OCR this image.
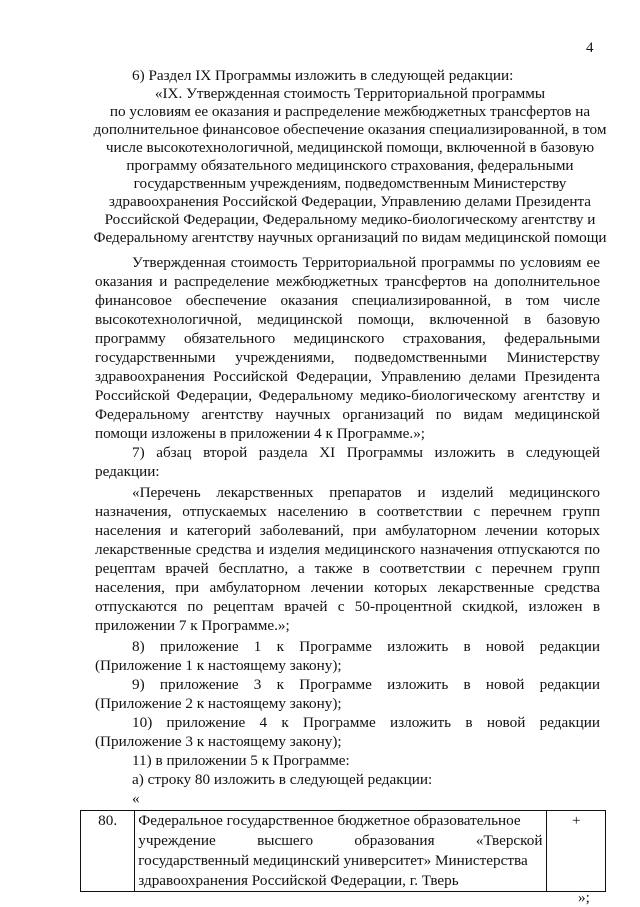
4
6) Раздел IX Программы изложить в следующей редакции:
«IX. Утвержденная стоимость Территориальной программы
по условиям ее оказания и распределение межбюджетных трансфертов на
дополнительное финансовое обеспечение оказания специализированной, в том
числе высокотехнологичной, медицинской помощи, включенной в базовую
программу обязательного медицинского страхования, федеральными
государственным учреждениям, подведомственным Министерству
здравоохранения Российской Федерации, Управлению делами Президента
Российской Федерации, Федеральному медико-биологическому агентству и
Федеральному агентству научных организаций по видам медицинской помощи
Утвержденная стоимость Территориальной программы по условиям ее
оказания и распределение межбюджетных трансфертов на дополнительное
финансовое обеспечение оказания специализированной, в том числе
высокотехнологичной, медицинской помощи, включенной в базовую
программу обязательного медицинского страхования, федеральными
государственными учреждениями, подведомственными Министерству
здравоохранения Российской Федерации, Управлению делами Президента
Российской Федерации, Федеральному медико-биологическому агентству и
Федеральному агентству научных организаций по видам медицинской
помощи изложены в приложении 4 к Программе.»;
7) абзац второй раздела XI Программы изложить в следующей
редакции:
«Перечень лекарственных препаратов и изделий медицинского
назначения, отпускаемых населению в соответствии с перечнем групп
населения и категорий заболеваний, при амбулаторном лечении которых
лекарственные средства и изделия медицинского назначения отпускаются по
рецептам врачей бесплатно, а также в соответствии с перечнем групп
населения, при амбулаторном лечении которых лекарственные средства
отпускаются по рецептам врачей с 50-процентной скидкой, изложен в
приложении 7 к Программе.»;
8) приложение 1 к Программе изложить в новой редакции
(Приложение 1 к настоящему закону);
9) приложение 3 к Программе изложить в новой редакции
(Приложение 2 к настоящему закону);
10) приложение 4 к Программе изложить в новой редакции
(Приложение 3 к настоящему закону);
11) в приложении 5 к Программе:
а) строку 80 изложить в следующей редакции:
«
80.	Федеральное государственное бюджетное образовательное
учреждение высшего образования «Тверской
государственный медицинский университет» Министерства
здравоохранения Российской Федерации, г. Тверь
	+
»;
